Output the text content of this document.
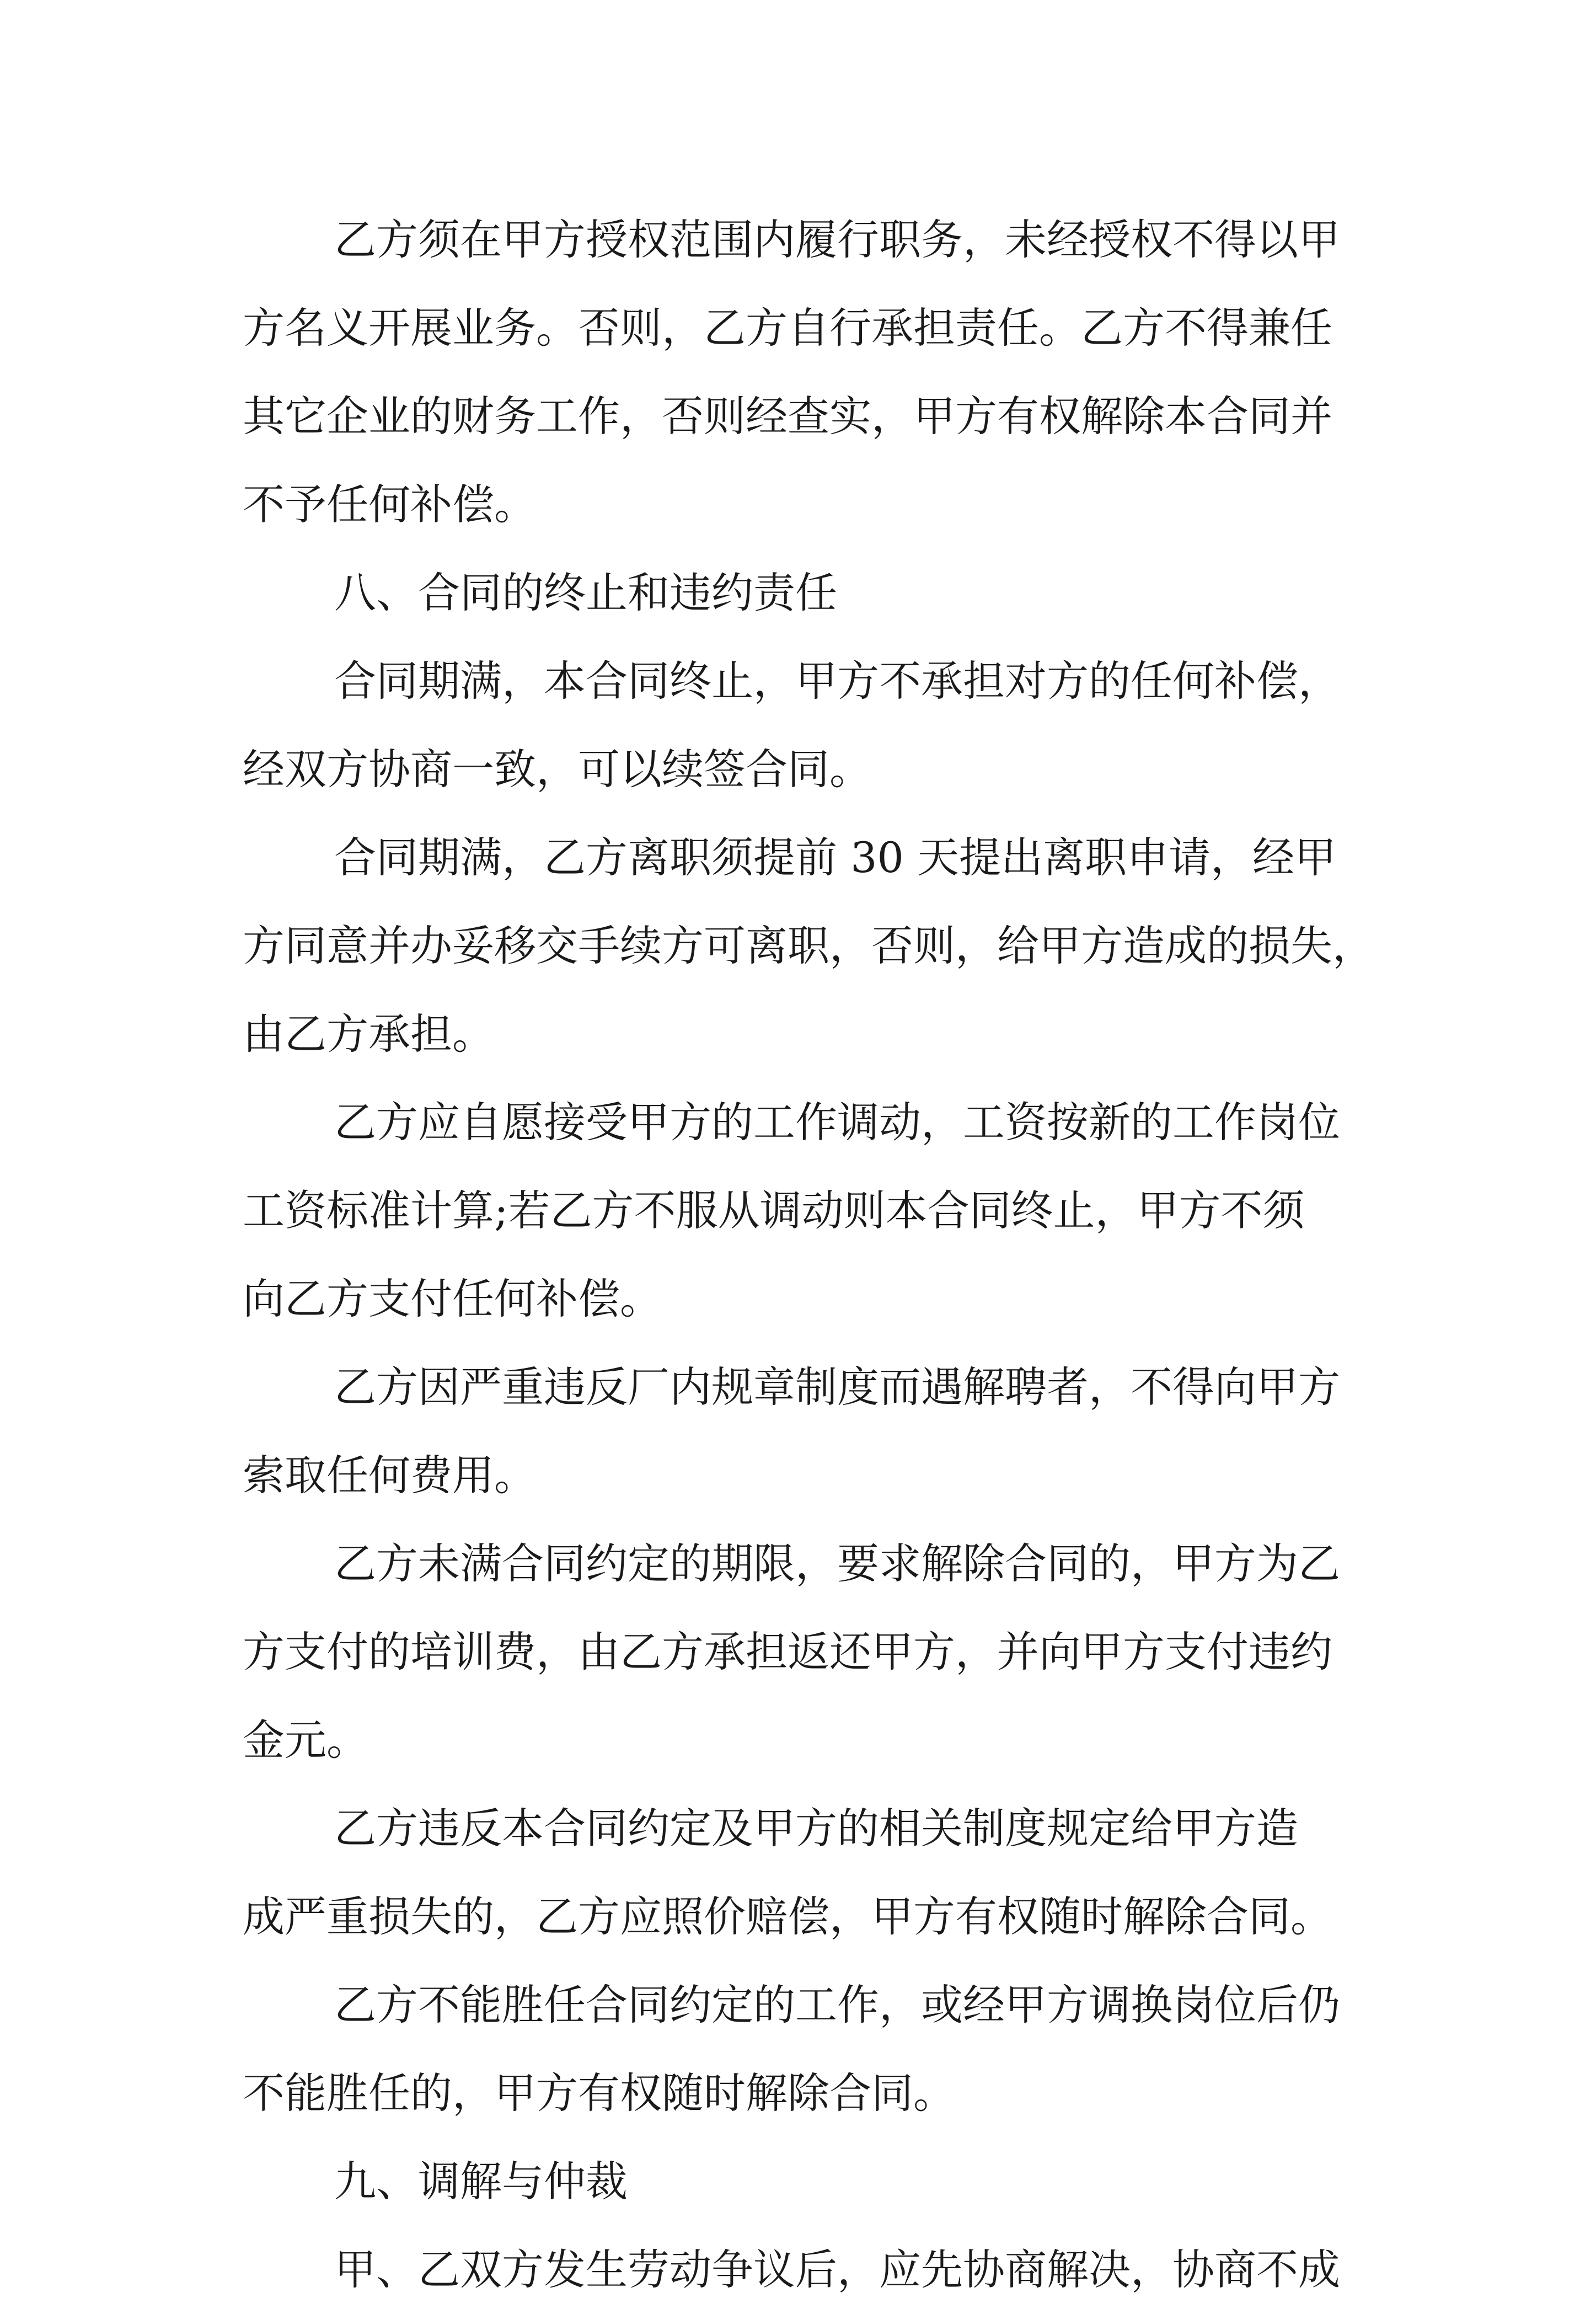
乙方须在甲方授权范围内履行职务，未经授权不得以甲
方名义开展业务。否则，乙方自行承担责任。乙方不得兼任
其它企业的财务工作，否则经查实，甲方有权解除本合同并
不予任何补偿。
八、合同的终止和违约责任
合同期满，本合同终止，甲方不承担对方的任何补偿，
经双方协商一致，可以续签合同。
合同期满，乙方离职须提前 30 天提出离职申请，经甲
方同意并办妥移交手续方可离职，否则，给甲方造成的损失，
由乙方承担。
乙方应自愿接受甲方的工作调动，工资按新的工作岗位
工资标准计算;若乙方不服从调动则本合同终止，甲方不须
向乙方支付任何补偿。
乙方因严重违反厂内规章制度而遇解聘者，不得向甲方
索取任何费用。
乙方未满合同约定的期限，要求解除合同的，甲方为乙
方支付的培训费，由乙方承担返还甲方，并向甲方支付违约
金元。
乙方违反本合同约定及甲方的相关制度规定给甲方造
成严重损失的，乙方应照价赔偿，甲方有权随时解除合同。
乙方不能胜任合同约定的工作，或经甲方调换岗位后仍
不能胜任的，甲方有权随时解除合同。
九、调解与仲裁
甲、乙双方发生劳动争议后，应先协商解决，协商不成
